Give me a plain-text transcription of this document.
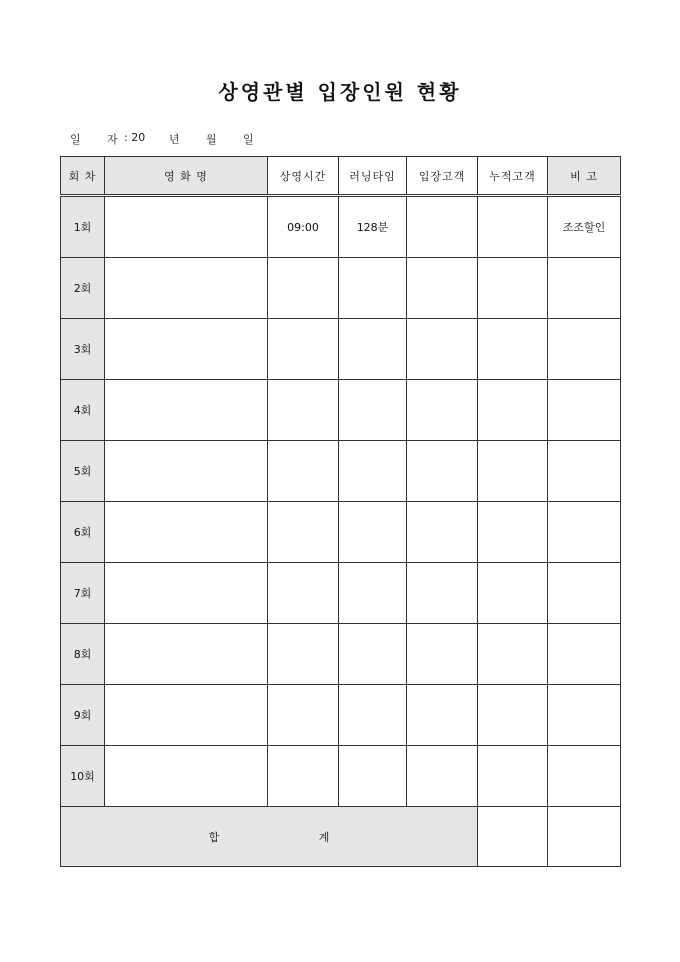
상영관별 입장인원 현황
일 자 : 20 년 월 일
회 차	영 화 명	상영시간	러닝타임	입장고객	누적고객	비 고	
1회		09:00	128분			조조할인	
2회							
3회							
4회							
5회							
6회							
7회							
8회							
9회							
10회							
합 계							
